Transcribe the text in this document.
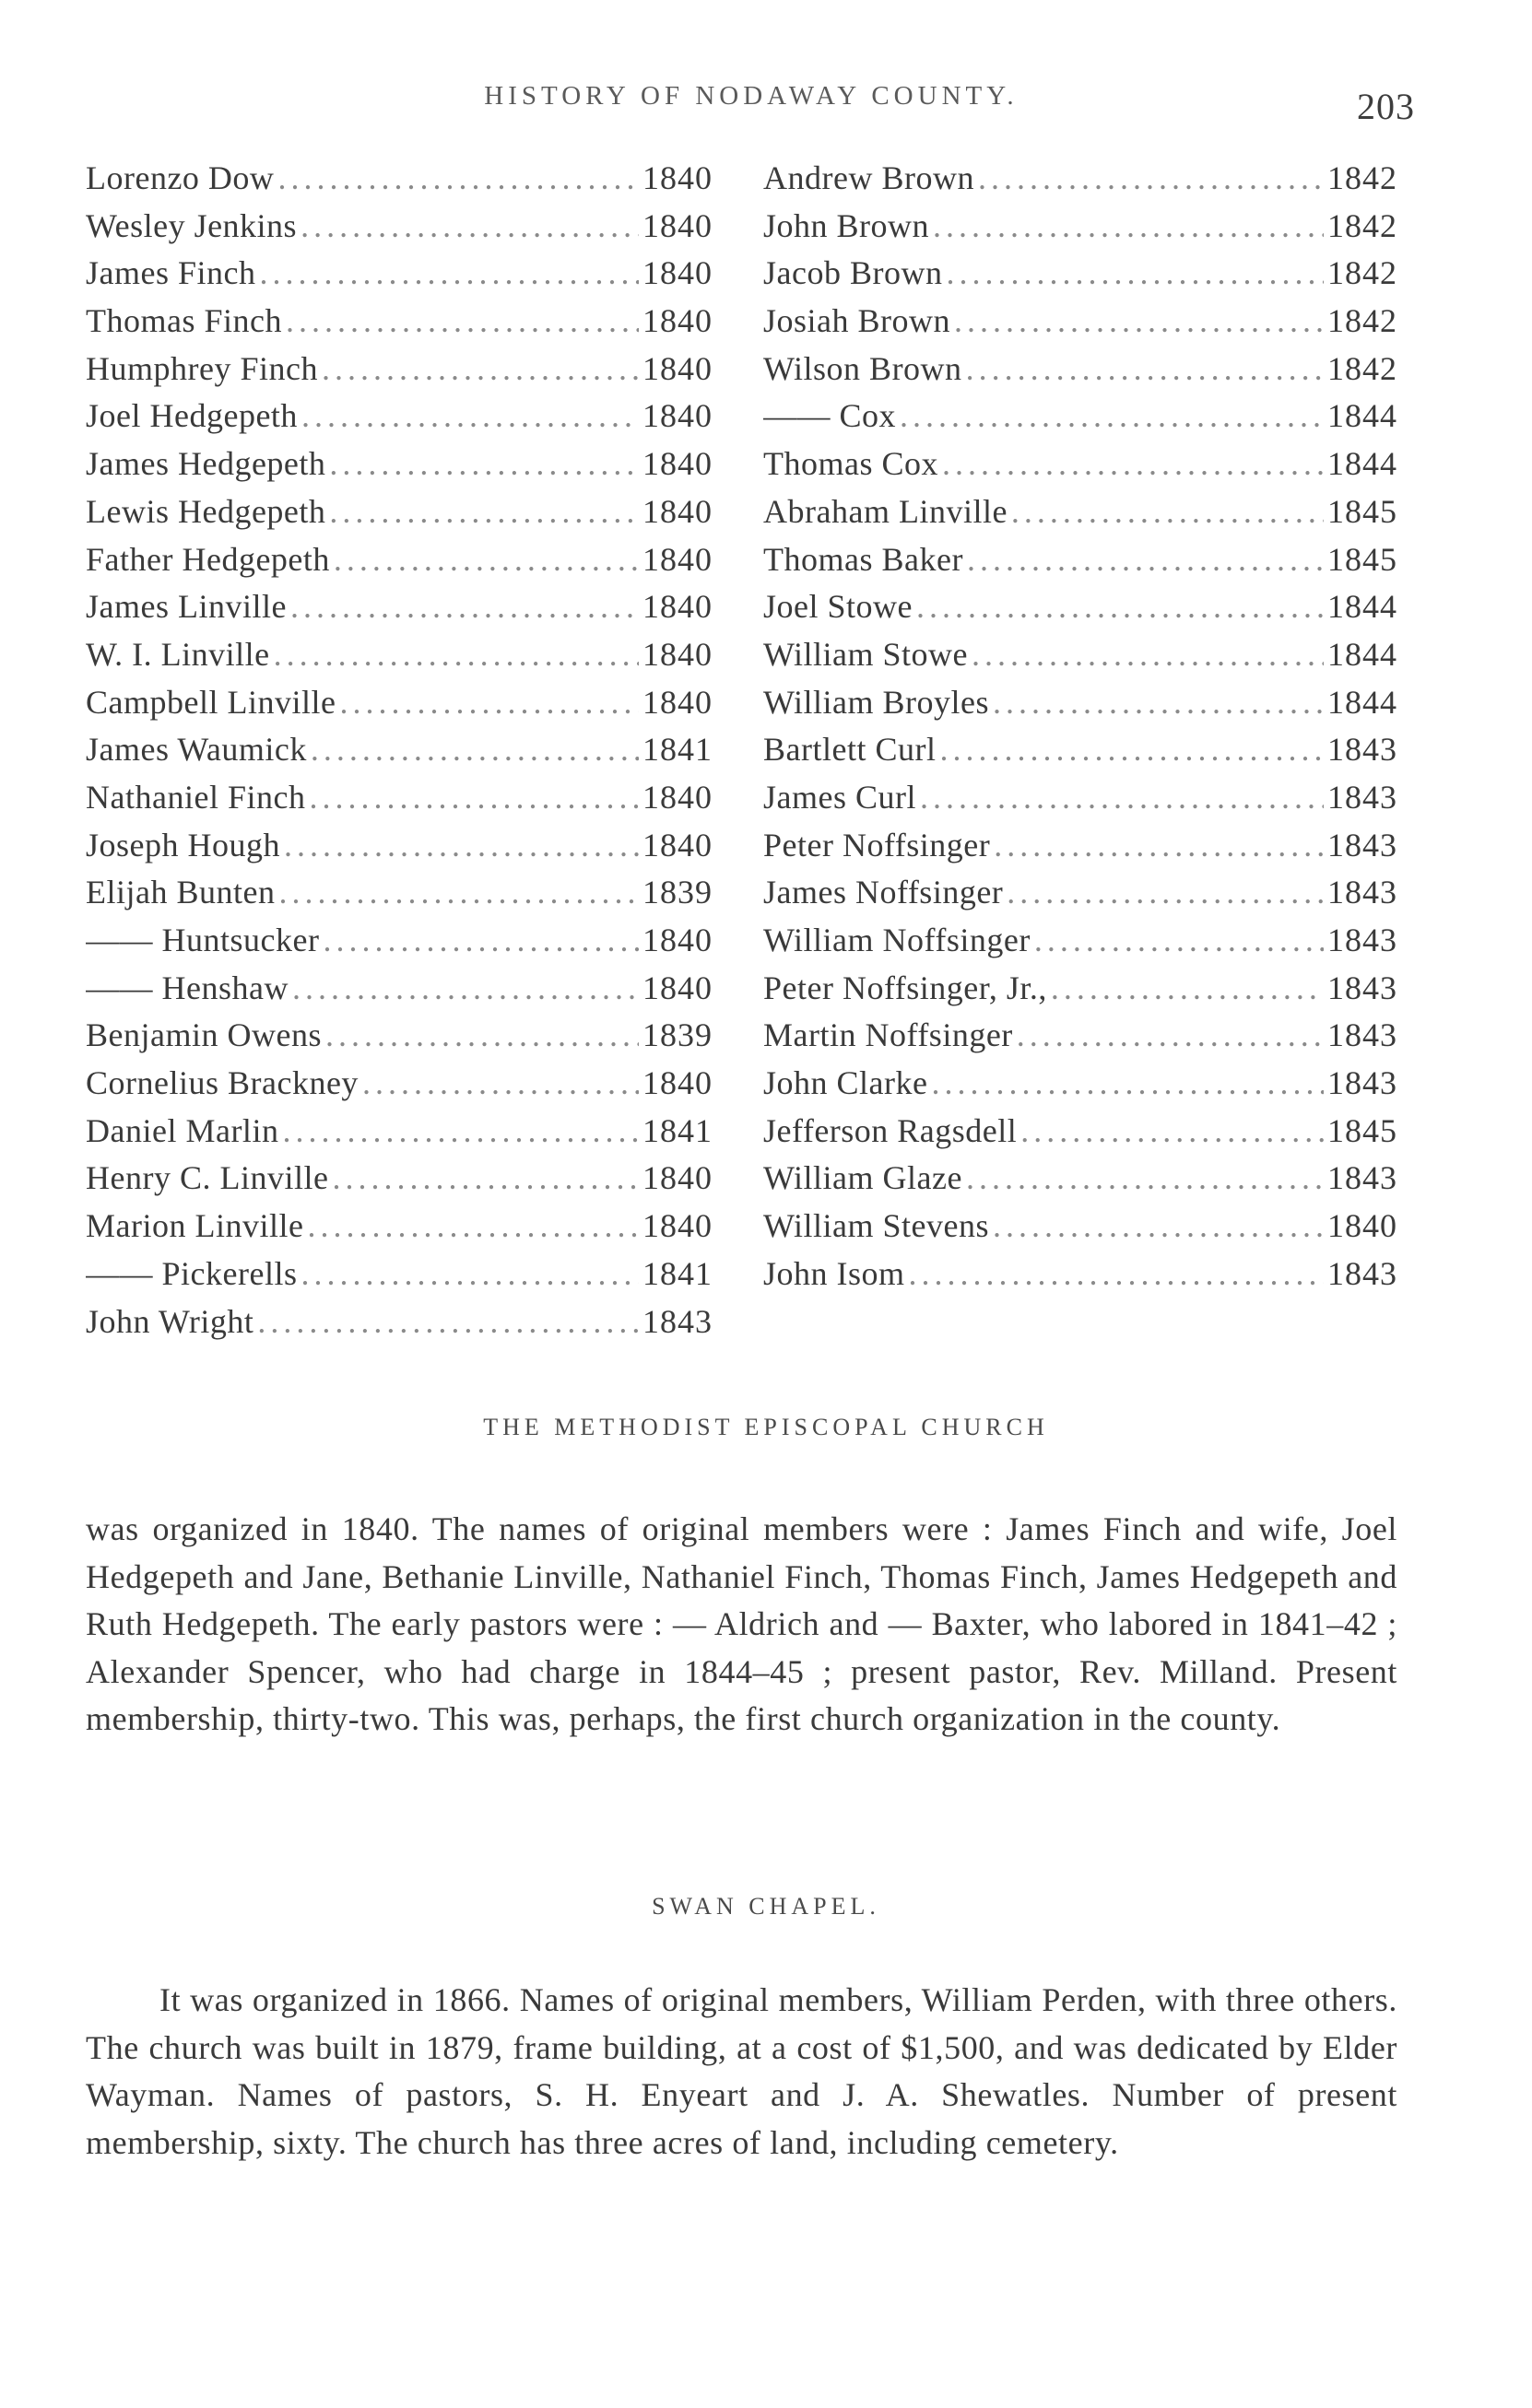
HISTORY OF NODAWAY COUNTY.	203
Lorenzo Dow .....	1840
Wesley Jenkins .....	1840
James Finch .....	1840
Thomas Finch .....	1840
Humphrey Finch .....	1840
Joel Hedgepeth .....	1840
James Hedgepeth .....	1840
Lewis Hedgepeth .....	1840
Father Hedgepeth .....	1840
James Linville .....	1840
W. I. Linville .....	1840
Campbell Linville .....	1840
James Waumick .....	1841
Nathaniel Finch .....	1840
Joseph Hough .....	1840
Elijah Bunten .....	1839
—— Huntsucker .....	1840
—— Henshaw .....	1840
Benjamin Owens .....	1839
Cornelius Brackney .....	1840
Daniel Marlin .....	1841
Henry C. Linville .....	1840
Marion Linville .....	1840
—— Pickerells .....	1841
John Wright .....	1843
Andrew Brown .....	1842
John Brown .....	1842
Jacob Brown .....	1842
Josiah Brown .....	1842
Wilson Brown .....	1842
—— Cox .....	1844
Thomas Cox .....	1844
Abraham Linville .....	1845
Thomas Baker .....	1845
Joel Stowe .....	1844
William Stowe .....	1844
William Broyles .....	1844
Bartlett Curl .....	1843
James Curl .....	1843
Peter Noffsinger .....	1843
James Noffsinger .....	1843
William Noffsinger .....	1843
Peter Noffsinger, Jr., .....	1843
Martin Noffsinger .....	1843
John Clarke .....	1843
Jefferson Ragsdell .....	1845
William Glaze .....	1843
William Stevens .....	1840
John Isom .....	1843
THE METHODIST EPISCOPAL CHURCH

was organized in 1840. The names of original members were : James Finch and wife, Joel Hedgepeth and Jane, Bethanie Linville, Nathaniel Finch, Thomas Finch, James Hedgepeth and Ruth Hedgepeth. The early pastors were : — Aldrich and — Baxter, who labored in 1841–42 ; Alexander Spencer, who had charge in 1844–45 ; present pastor, Rev. Milland. Present membership, thirty-two. This was, perhaps, the first church organization in the county.

SWAN CHAPEL.

It was organized in 1866. Names of original members, William Perden, with three others. The church was built in 1879, frame building, at a cost of $1,500, and was dedicated by Elder Wayman. Names of pastors, S. H. Enyeart and J. A. Shewatles. Number of present membership, sixty. The church has three acres of land, including cemetery.
